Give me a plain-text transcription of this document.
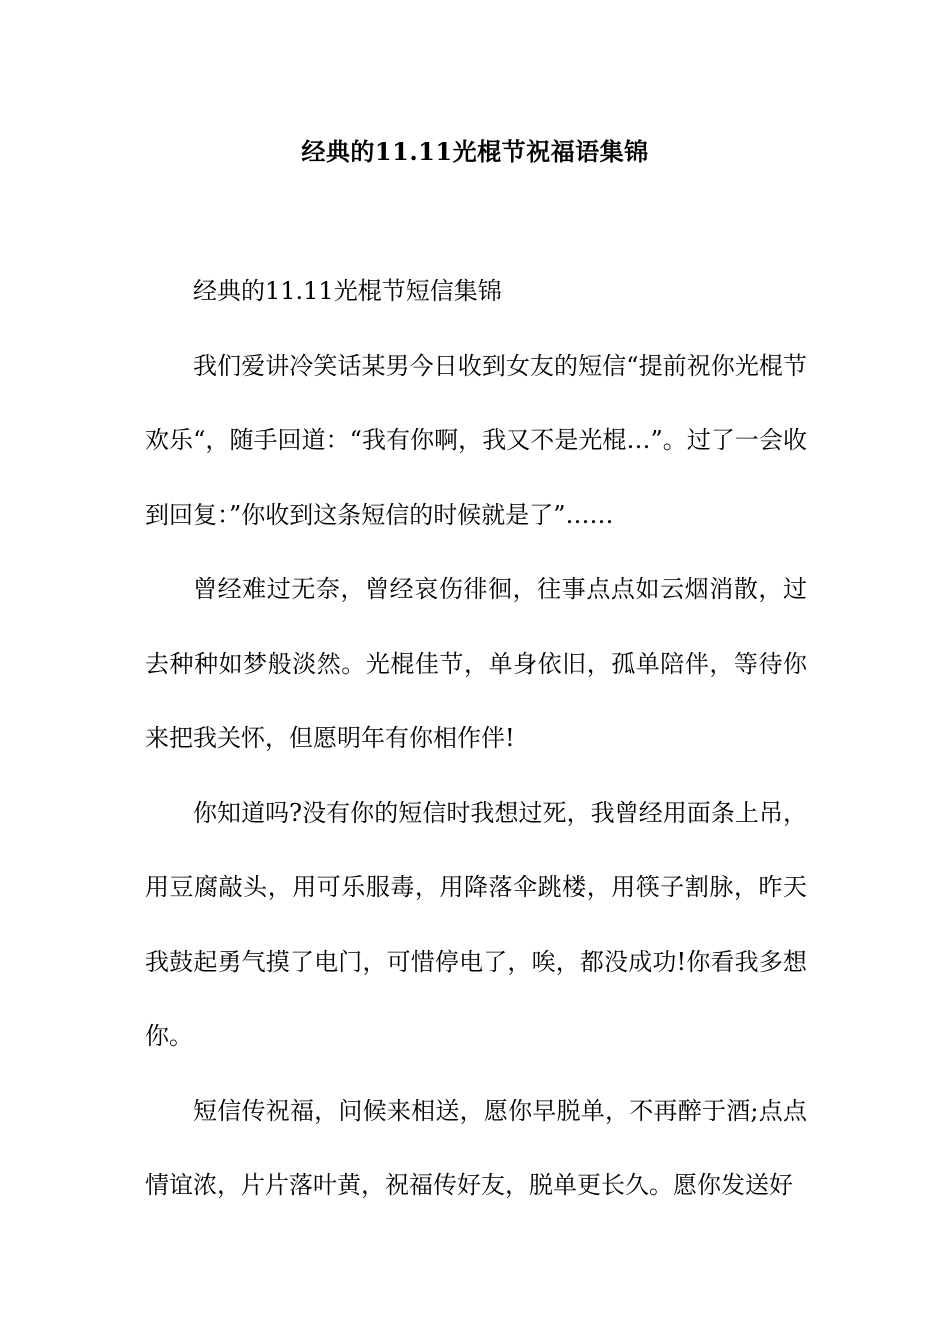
经典的11.11光棍节祝福语集锦

经典的11.11光棍节短信集锦

我们爱讲冷笑话某男今日收到女友的短信“提前祝你光棍节欢乐“，随手回道：“我有你啊，我又不是光棍…”。过了一会收到回复：”你收到这条短信的时候就是了”……

曾经难过无奈，曾经哀伤徘徊，往事点点如云烟消散，过去种种如梦般淡然。光棍佳节，单身依旧，孤单陪伴，等待你来把我关怀，但愿明年有你相作伴!

你知道吗?没有你的短信时我想过死，我曾经用面条上吊，用豆腐敲头，用可乐服毒，用降落伞跳楼，用筷子割脉，昨天我鼓起勇气摸了电门，可惜停电了，唉，都没成功!你看我多想你。

短信传祝福，问候来相送，愿你早脱单，不再醉于酒;点点情谊浓，片片落叶黄，祝福传好友，脱单更长久。愿你发送好
